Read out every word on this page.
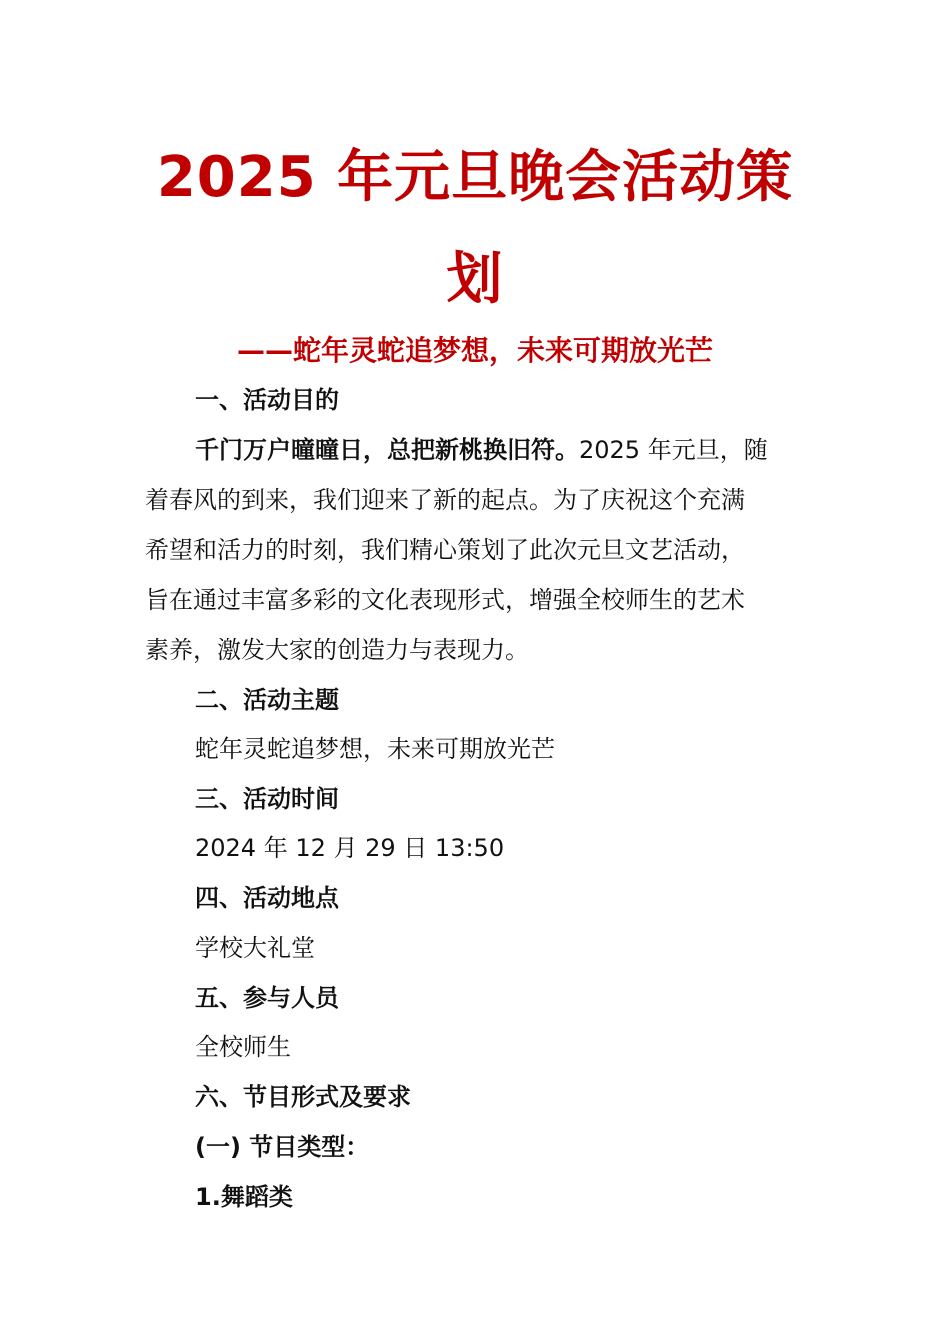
2025 年元旦晚会活动策
划
——蛇年灵蛇追梦想，未来可期放光芒
一、活动目的
千门万户曈曈日，总把新桃换旧符。2025 年元旦，随
着春风的到来，我们迎来了新的起点。为了庆祝这个充满
希望和活力的时刻，我们精心策划了此次元旦文艺活动，
旨在通过丰富多彩的文化表现形式，增强全校师生的艺术
素养，激发大家的创造力与表现力。
二、活动主题
蛇年灵蛇追梦想，未来可期放光芒
三、活动时间
2024 年 12 月 29 日 13:50
四、活动地点
学校大礼堂
五、参与人员
全校师生
六、节目形式及要求
(一) 节目类型：
1.舞蹈类
